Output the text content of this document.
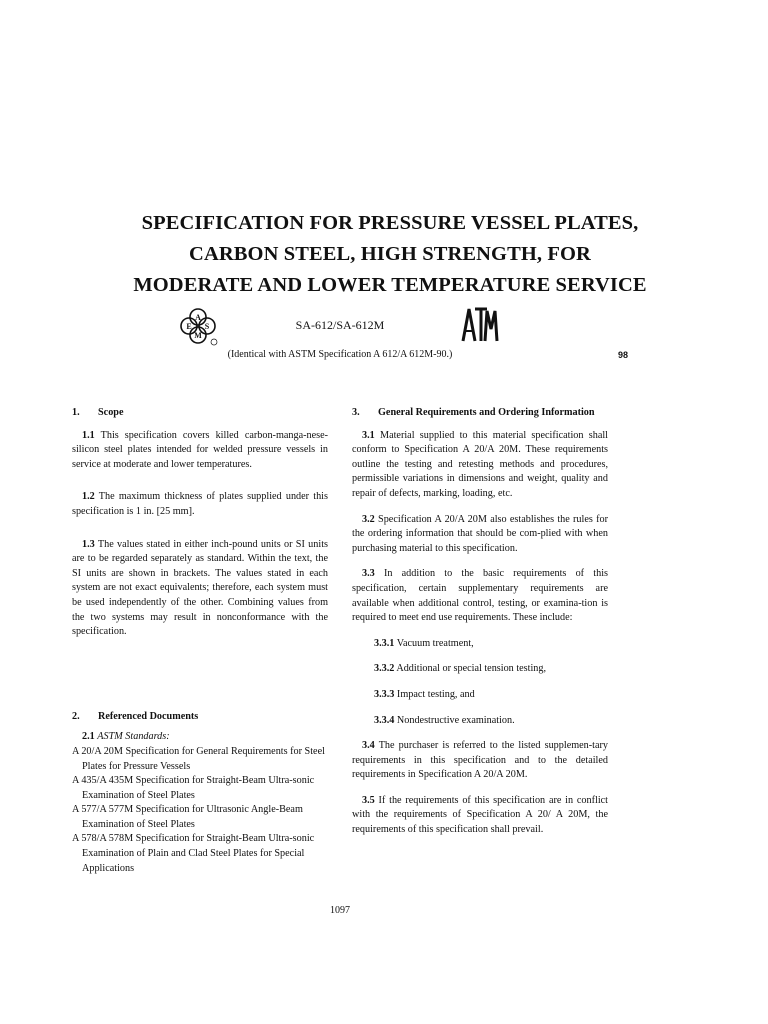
SPECIFICATION FOR PRESSURE VESSEL PLATES,
CARBON STEEL, HIGH STRENGTH, FOR
MODERATE AND LOWER TEMPERATURE SERVICE
A
E S
M
SA-612/SA-612M
(Identical with ASTM Specification A 612/A 612M-90.)	98
1.	Scope

1.1 This specification covers killed carbon-manga-nese-silicon steel plates intended for welded pressure vessels in service at moderate and lower temperatures.

1.2 The maximum thickness of plates supplied under this specification is 1 in. [25 mm].

1.3 The values stated in either inch-pound units or SI units are to be regarded separately as standard. Within the text, the SI units are shown in brackets. The values stated in each system are not exact equivalents; therefore, each system must be used independently of the other. Combining values from the two systems may result in nonconformance with the specification.

2.	Referenced Documents

2.1 ASTM Standards:

A 20/A 20M Specification for General Requirements for Steel Plates for Pressure Vessels

A 435/A 435M Specification for Straight-Beam Ultra-sonic Examination of Steel Plates

A 577/A 577M Specification for Ultrasonic Angle-Beam Examination of Steel Plates

A 578/A 578M Specification for Straight-Beam Ultra-sonic Examination of Plain and Clad Steel Plates for Special Applications

3.	General Requirements and Ordering Information

3.1 Material supplied to this material specification shall conform to Specification A 20/A 20M. These requirements outline the testing and retesting methods and procedures, permissible variations in dimensions and weight, quality and repair of defects, marking, loading, etc.

3.2 Specification A 20/A 20M also establishes the rules for the ordering information that should be com-plied with when purchasing material to this specification.

3.3 In addition to the basic requirements of this specification, certain supplementary requirements are available when additional control, testing, or examina-tion is required to meet end use requirements. These include:

3.3.1 Vacuum treatment,

3.3.2 Additional or special tension testing,

3.3.3 Impact testing, and

3.3.4 Nondestructive examination.

3.4 The purchaser is referred to the listed supplemen-tary requirements in this specification and to the detailed requirements in Specification A 20/A 20M.

3.5 If the requirements of this specification are in conflict with the requirements of Specification A 20/ A 20M, the requirements of this specification shall prevail.

1097
